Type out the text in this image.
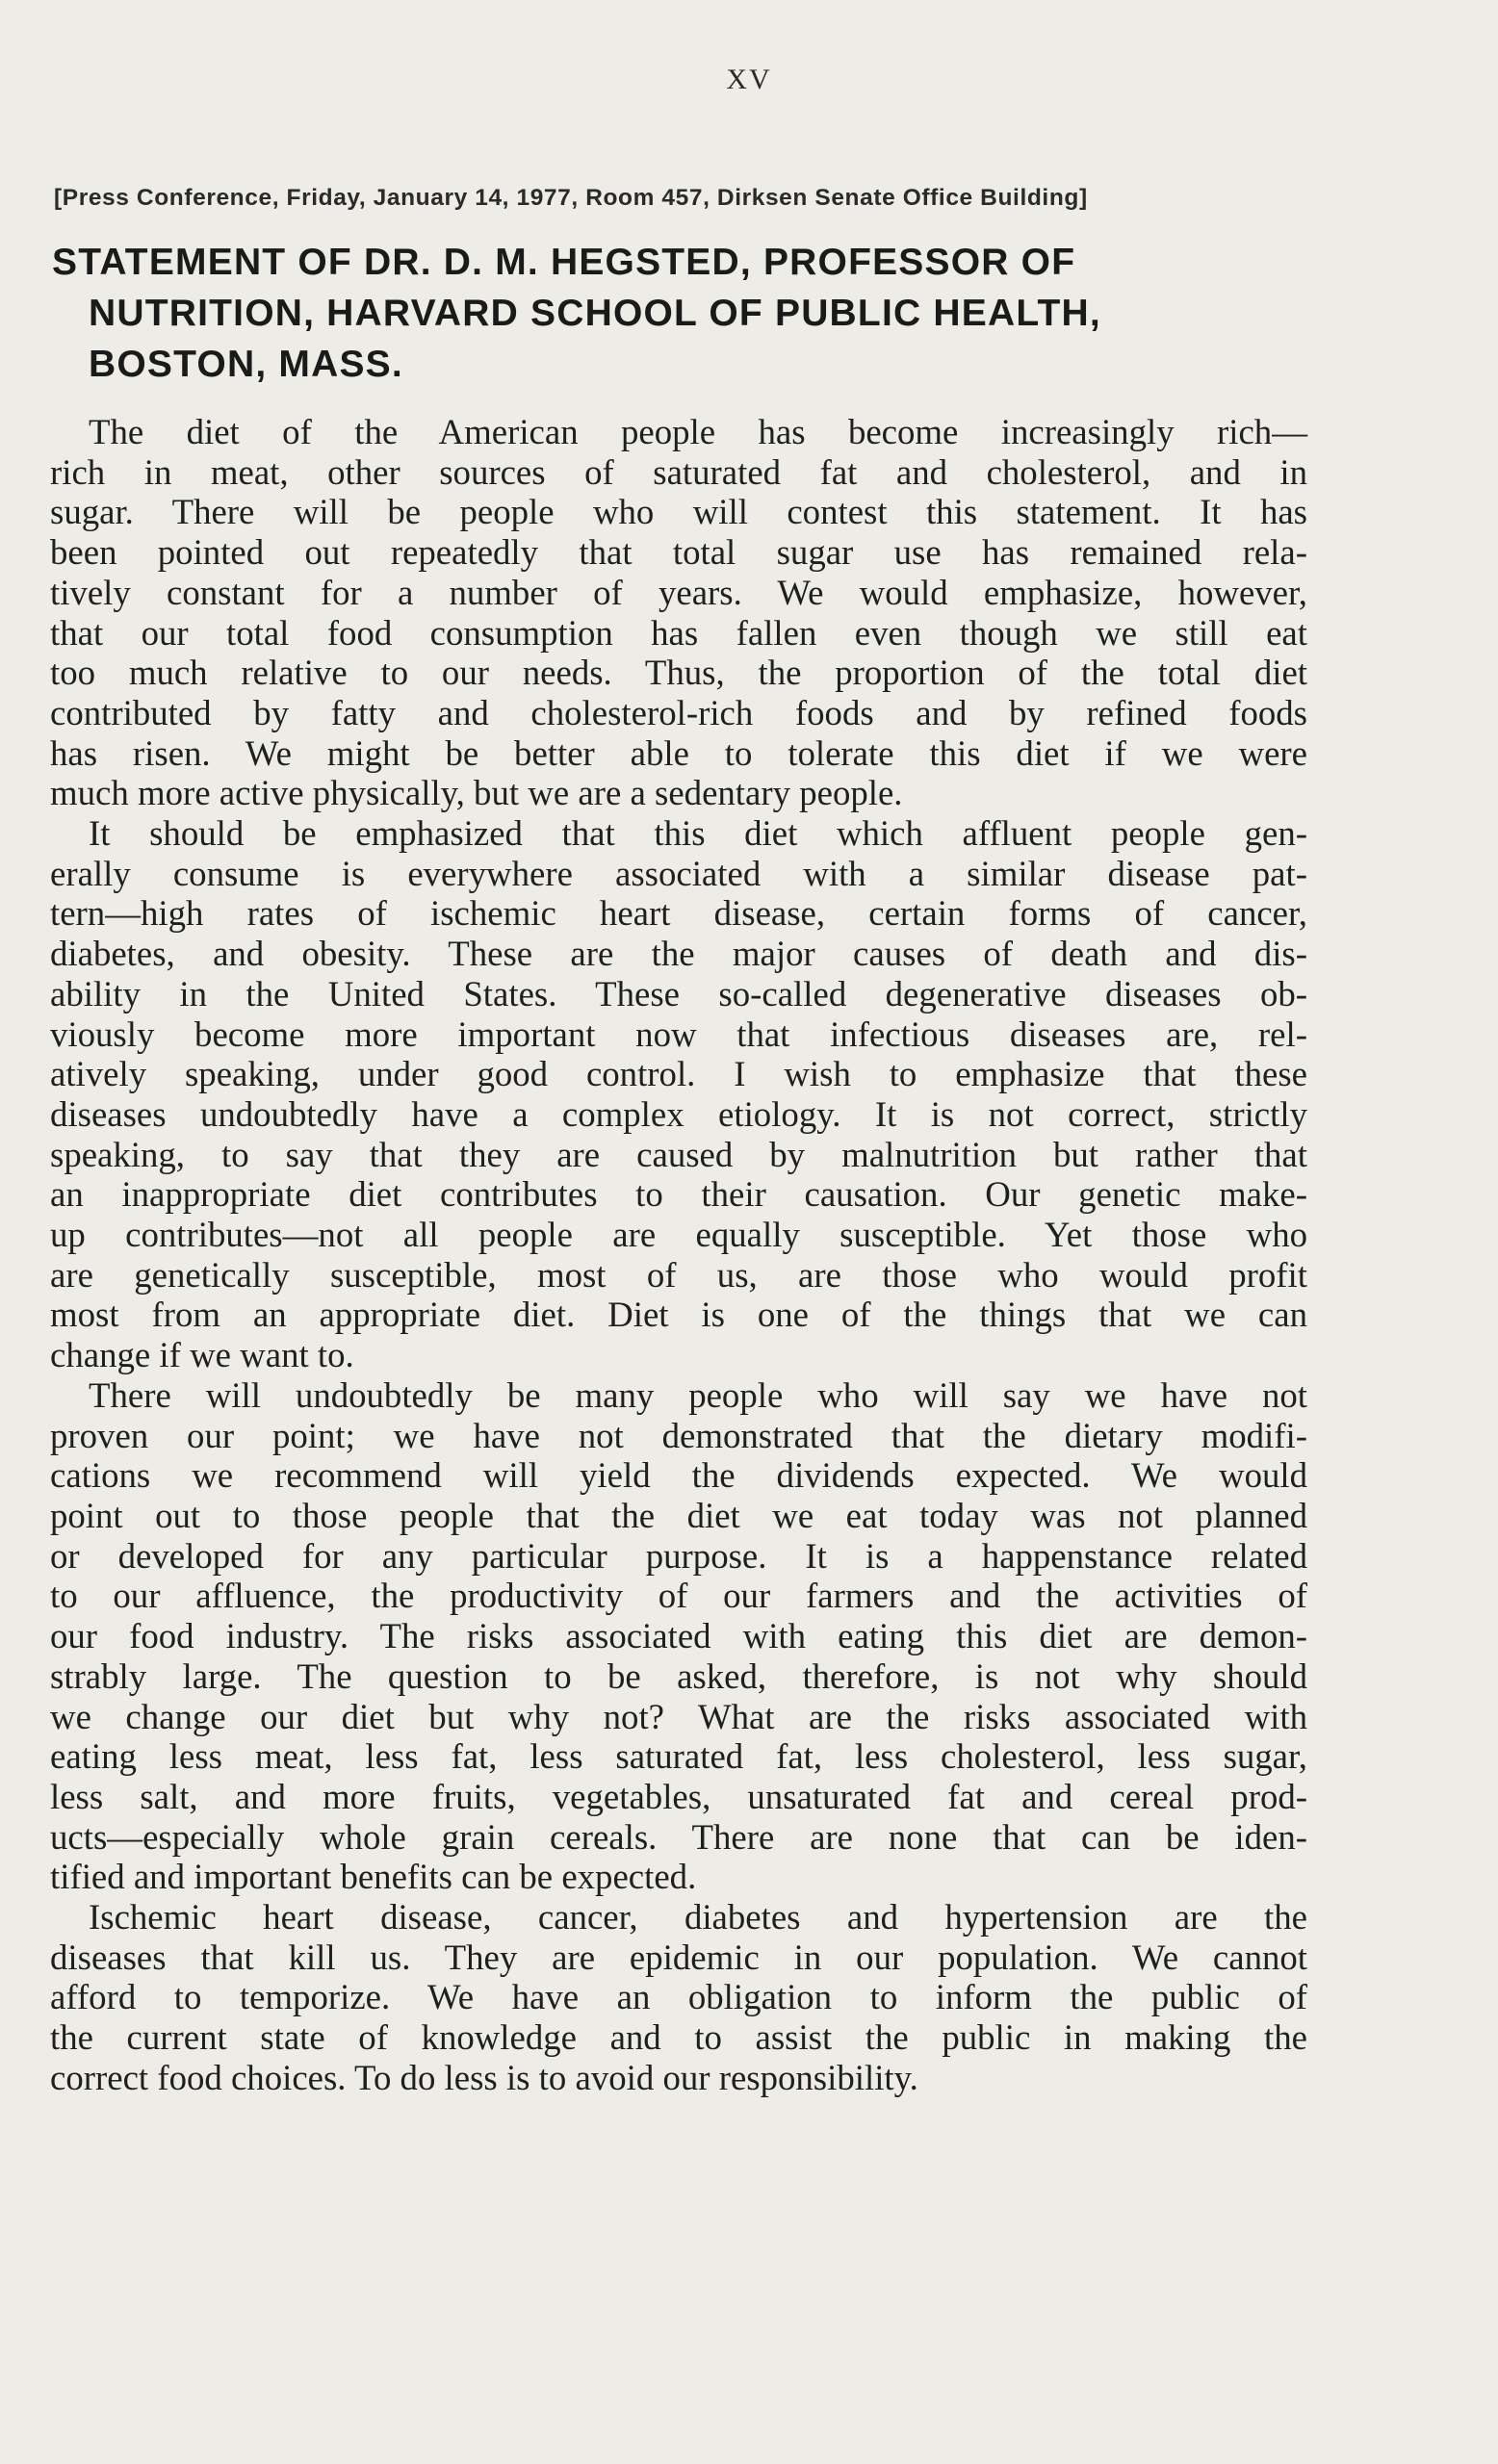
XV
[Press Conference, Friday, January 14, 1977, Room 457, Dirksen Senate Office Building]
STATEMENT OF DR. D. M. HEGSTED, PROFESSOR OF
NUTRITION, HARVARD SCHOOL OF PUBLIC HEALTH,
BOSTON, MASS.
The diet of the American people has become increasingly rich—
rich in meat, other sources of saturated fat and cholesterol, and in
sugar. There will be people who will contest this statement. It has
been pointed out repeatedly that total sugar use has remained rela-
tively constant for a number of years. We would emphasize, however,
that our total food consumption has fallen even though we still eat
too much relative to our needs. Thus, the proportion of the total diet
contributed by fatty and cholesterol-rich foods and by refined foods
has risen. We might be better able to tolerate this diet if we were
much more active physically, but we are a sedentary people.
It should be emphasized that this diet which affluent people gen-
erally consume is everywhere associated with a similar disease pat-
tern—high rates of ischemic heart disease, certain forms of cancer,
diabetes, and obesity. These are the major causes of death and dis-
ability in the United States. These so-called degenerative diseases ob-
viously become more important now that infectious diseases are, rel-
atively speaking, under good control. I wish to emphasize that these
diseases undoubtedly have a complex etiology. It is not correct, strictly
speaking, to say that they are caused by malnutrition but rather that
an inappropriate diet contributes to their causation. Our genetic make-
up contributes—not all people are equally susceptible. Yet those who
are genetically susceptible, most of us, are those who would profit
most from an appropriate diet. Diet is one of the things that we can
change if we want to.
There will undoubtedly be many people who will say we have not
proven our point; we have not demonstrated that the dietary modifi-
cations we recommend will yield the dividends expected. We would
point out to those people that the diet we eat today was not planned
or developed for any particular purpose. It is a happenstance related
to our affluence, the productivity of our farmers and the activities of
our food industry. The risks associated with eating this diet are demon-
strably large. The question to be asked, therefore, is not why should
we change our diet but why not? What are the risks associated with
eating less meat, less fat, less saturated fat, less cholesterol, less sugar,
less salt, and more fruits, vegetables, unsaturated fat and cereal prod-
ucts—especially whole grain cereals. There are none that can be iden-
tified and important benefits can be expected.
Ischemic heart disease, cancer, diabetes and hypertension are the
diseases that kill us. They are epidemic in our population. We cannot
afford to temporize. We have an obligation to inform the public of
the current state of knowledge and to assist the public in making the
correct food choices. To do less is to avoid our responsibility.
